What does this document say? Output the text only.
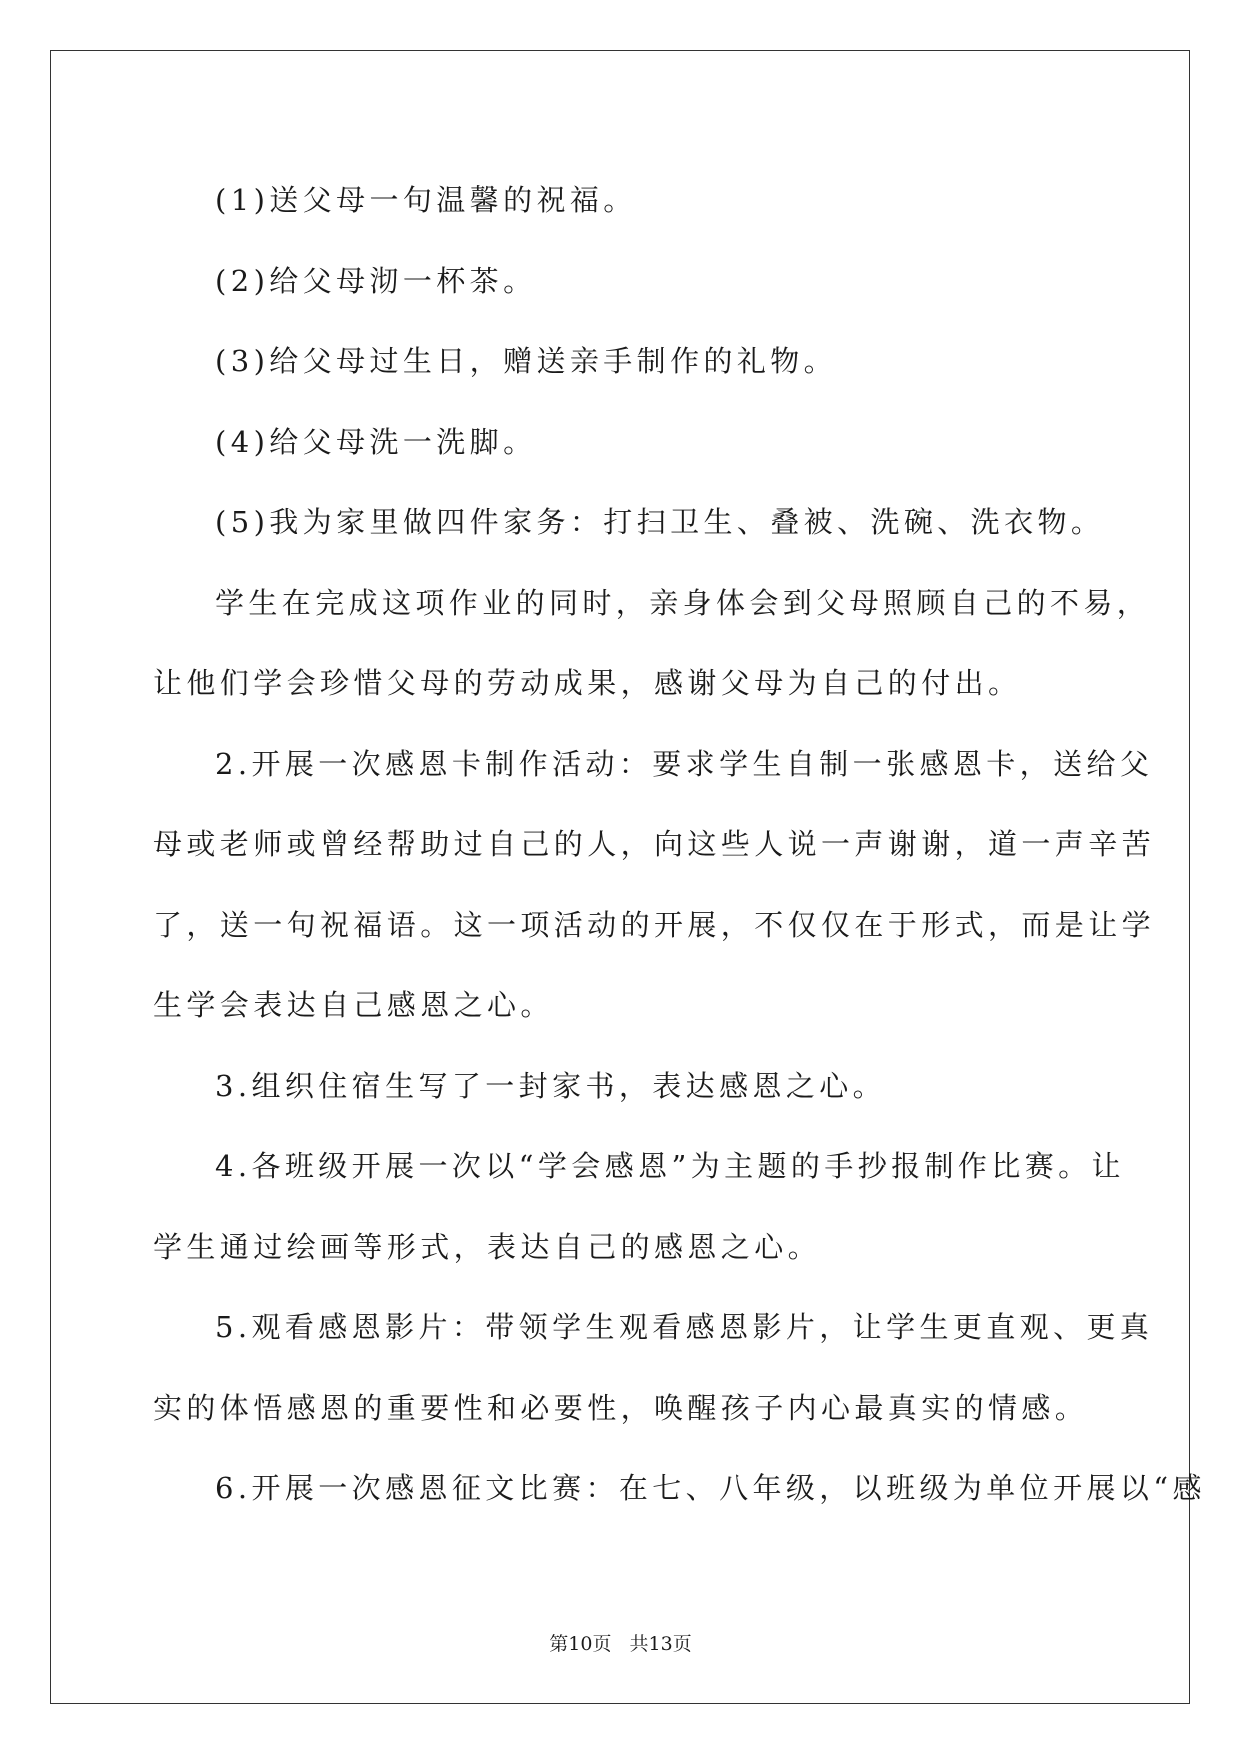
(1)送父母一句温馨的祝福。
(2)给父母沏一杯茶。
(3)给父母过生日，赠送亲手制作的礼物。
(4)给父母洗一洗脚。
(5)我为家里做四件家务：打扫卫生、叠被、洗碗、洗衣物。
学生在完成这项作业的同时，亲身体会到父母照顾自己的不易，
让他们学会珍惜父母的劳动成果，感谢父母为自己的付出。
2.开展一次感恩卡制作活动：要求学生自制一张感恩卡，送给父
母或老师或曾经帮助过自己的人，向这些人说一声谢谢，道一声辛苦
了，送一句祝福语。这一项活动的开展，不仅仅在于形式，而是让学
生学会表达自己感恩之心。
3.组织住宿生写了一封家书，表达感恩之心。
4.各班级开展一次以“学会感恩”为主题的手抄报制作比赛。让
学生通过绘画等形式，表达自己的感恩之心。
5.观看感恩影片：带领学生观看感恩影片，让学生更直观、更真
实的体悟感恩的重要性和必要性，唤醒孩子内心最真实的情感。
6.开展一次感恩征文比赛：在七、八年级，以班级为单位开展以“感
第10页 共13页
